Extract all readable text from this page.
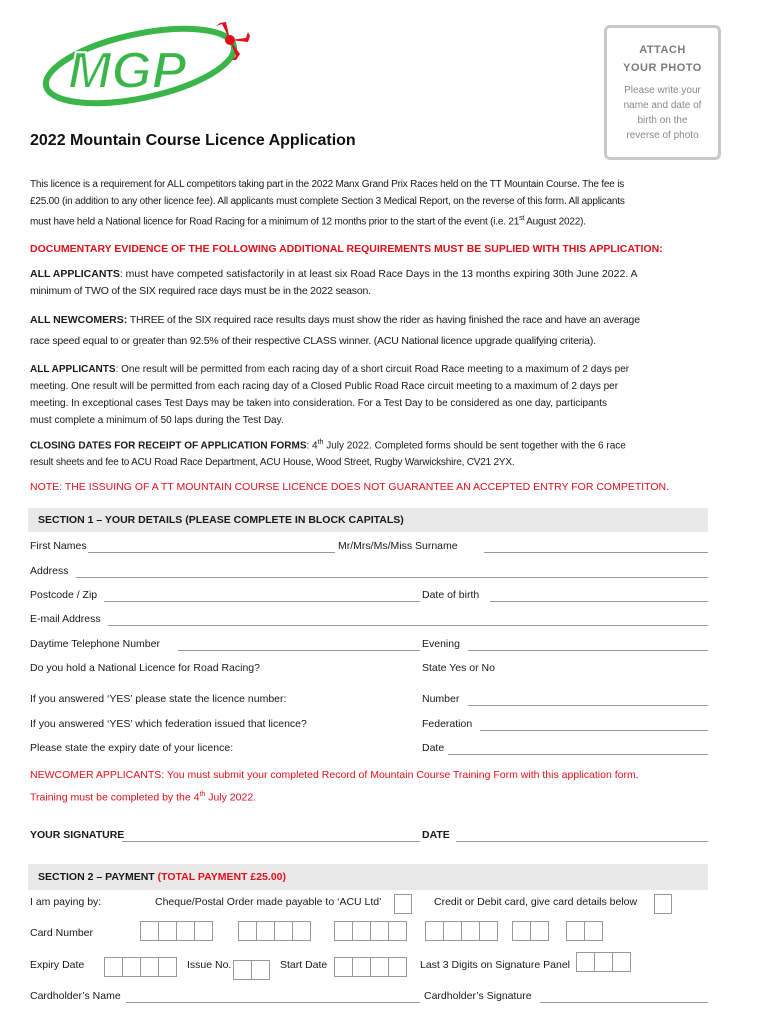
MGP
2022 Mountain Course Licence Application
ATTACH
YOUR PHOTO
Please write your
name and date of
birth on the
reverse of photo
This licence is a requirement for ALL competitors taking part in the 2022 Manx Grand Prix Races held on the TT Mountain Course. The fee is
£25.00 (in addition to any other licence fee). All applicants must complete Section 3 Medical Report, on the reverse of this form. All applicants
must have held a National licence for Road Racing for a minimum of 12 months prior to the start of the event (i.e. 21st August 2022).
DOCUMENTARY EVIDENCE OF THE FOLLOWING ADDITIONAL REQUIREMENTS MUST BE SUPLIED WITH THIS APPLICATION:
ALL APPLICANTS: must have competed satisfactorily in at least six Road Race Days in the 13 months expiring 30th June 2022. A
minimum of TWO of the SIX required race days must be in the 2022 season.
ALL NEWCOMERS: THREE of the SIX required race results days must show the rider as having finished the race and have an average
race speed equal to or greater than 92.5% of their respective CLASS winner. (ACU National licence upgrade qualifying criteria).
ALL APPLICANTS: One result will be permitted from each racing day of a short circuit Road Race meeting to a maximum of 2 days per
meeting. One result will be permitted from each racing day of a Closed Public Road Race circuit meeting to a maximum of 2 days per
meeting. In exceptional cases Test Days may be taken into consideration. For a Test Day to be considered as one day, participants
must complete a minimum of 50 laps during the Test Day.
CLOSING DATES FOR RECEIPT OF APPLICATION FORMS: 4th July 2022. Completed forms should be sent together with the 6 race
result sheets and fee to ACU Road Race Department, ACU House, Wood Street, Rugby Warwickshire, CV21 2YX.
NOTE: THE ISSUING OF A TT MOUNTAIN COURSE LICENCE DOES NOT GUARANTEE AN ACCEPTED ENTRY FOR COMPETITON.
SECTION 1 – YOUR DETAILS (PLEASE COMPLETE IN BLOCK CAPITALS)
First Names	Mr/Mrs/Ms/Miss Surname
Address
Postcode / Zip	Date of birth
E-mail Address
Daytime Telephone Number	Evening
Do you hold a National Licence for Road Racing?	State Yes or No
If you answered ‘YES’ please state the licence number:	Number
If you answered ‘YES’ which federation issued that licence?	Federation
Please state the expiry date of your licence:	Date
NEWCOMER APPLICANTS: You must submit your completed Record of Mountain Course Training Form with this application form.
Training must be completed by the 4th July 2022.
YOUR SIGNATURE	DATE
SECTION 2 – PAYMENT (TOTAL PAYMENT £25.00)
I am paying by:	Cheque/Postal Order made payable to ‘ACU Ltd’	Credit or Debit card, give card details below
Card Number
Expiry Date	Issue No.	Start Date	Last 3 Digits on Signature Panel
Cardholder’s Name	Cardholder’s Signature
